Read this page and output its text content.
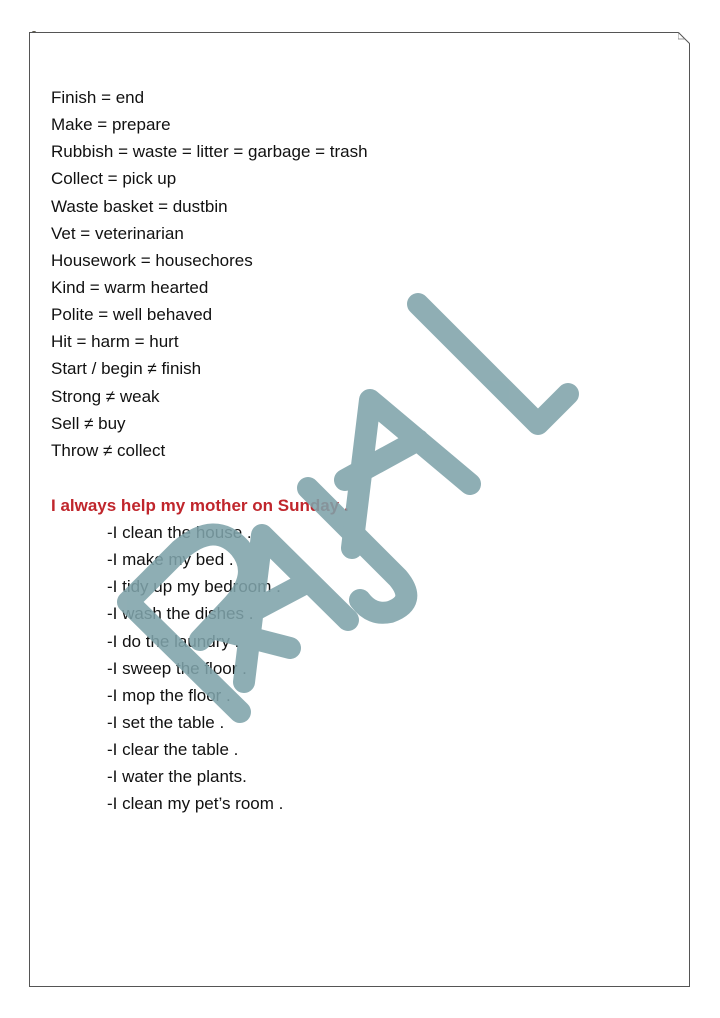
Finish = end
Make = prepare
Rubbish = waste = litter = garbage = trash
Collect = pick up
Waste basket = dustbin
Vet = veterinarian
Housework = housechores
Kind = warm hearted
Polite = well behaved
Hit = harm = hurt
Start / begin ≠ finish
Strong ≠ weak
Sell ≠ buy
Throw ≠ collect
I always help my mother on Sunday .
-I clean the house .
-I make my bed .
-I tidy up my bedroom .
-I wash the dishes .
-I do the laundry .
-I sweep the floor .
-I mop the floor .
-I set the table .
-I clear the table .
-I water the plants.
-I clean my pet’s room .
